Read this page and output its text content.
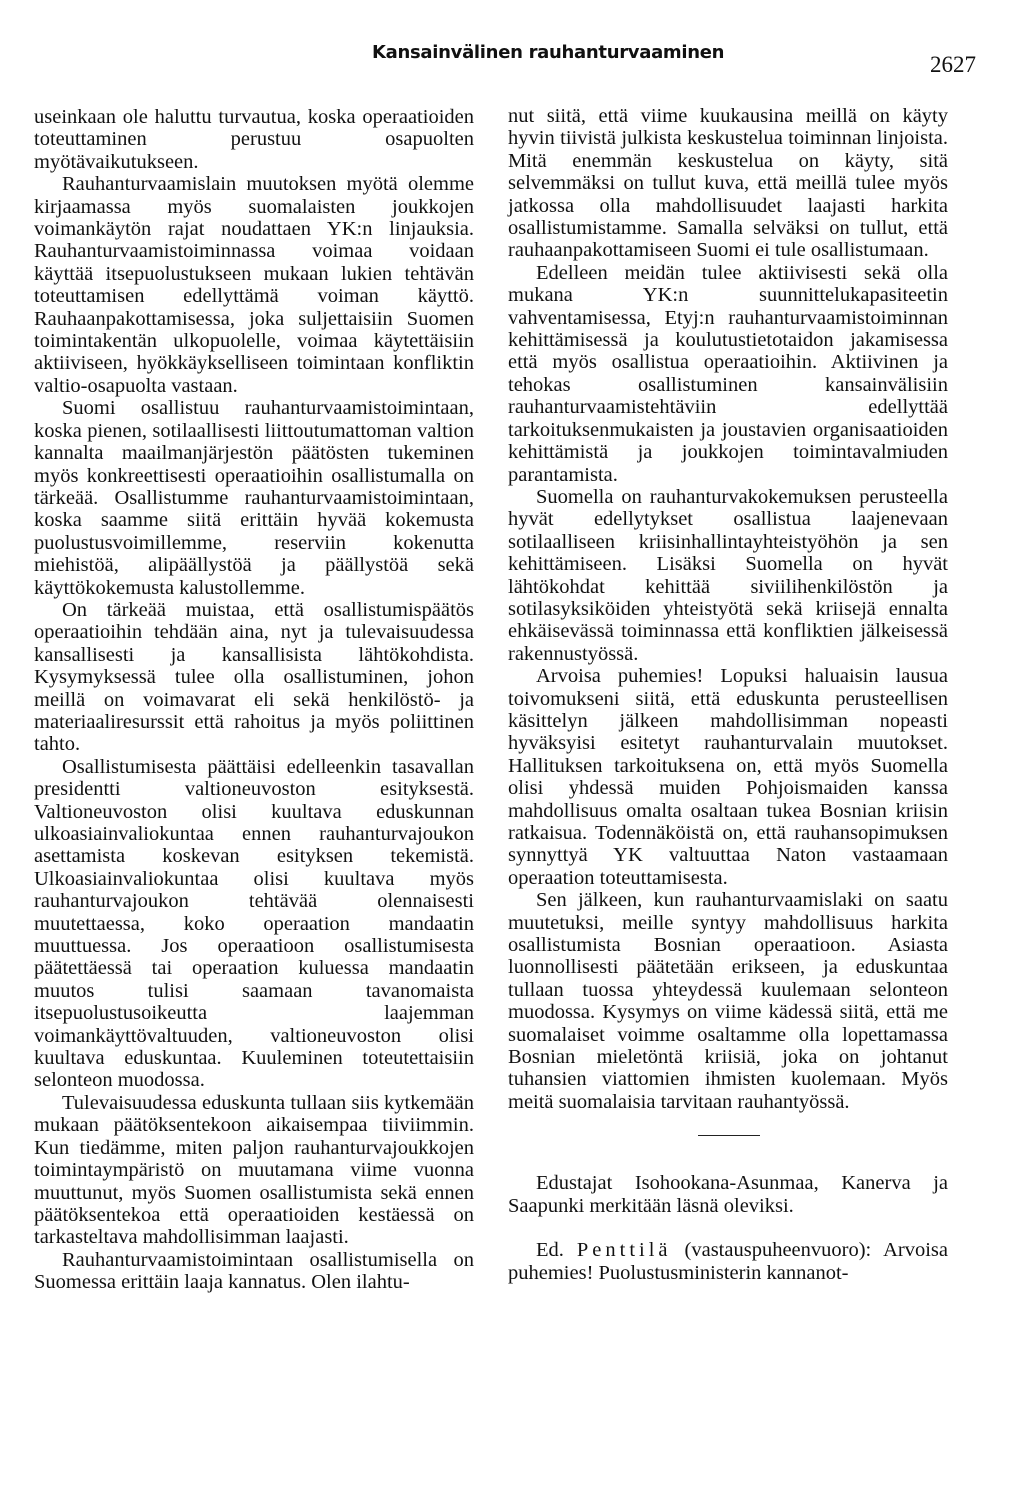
Kansainvälinen rauhanturvaaminen	2627

useinkaan ole haluttu turvautua, koska operaatioiden toteuttaminen perustuu osapuolten myötävaikutukseen.

Rauhanturvaamislain muutoksen myötä olemme kirjaamassa myös suomalaisten joukkojen voimankäytön rajat noudattaen YK:n linjauksia. Rauhanturvaamistoiminnassa voimaa voidaan käyttää itsepuolustukseen mukaan lukien tehtävän toteuttamisen edellyttämä voiman käyttö. Rauhaanpakottamisessa, joka suljettaisiin Suomen toimintakentän ulkopuolelle, voimaa käytettäisiin aktiiviseen, hyökkäykselliseen toimintaan konfliktin valtio-osapuolta vastaan.

Suomi osallistuu rauhanturvaamistoimintaan, koska pienen, sotilaallisesti liittoutumattoman valtion kannalta maailmanjärjestön päätösten tukeminen myös konkreettisesti operaatioihin osallistumalla on tärkeää. Osallistumme rauhanturvaamistoimintaan, koska saamme siitä erittäin hyvää kokemusta puolustusvoimillemme, reserviin kokenutta miehistöä, alipäällystöä ja päällystöä sekä käyttökokemusta kalustollemme.

On tärkeää muistaa, että osallistumispäätös operaatioihin tehdään aina, nyt ja tulevaisuudessa kansallisesti ja kansallisista lähtökohdista. Kysymyksessä tulee olla osallistuminen, johon meillä on voimavarat eli sekä henkilöstö- ja materiaaliresurssit että rahoitus ja myös poliittinen tahto.

Osallistumisesta päättäisi edelleenkin tasavallan presidentti valtioneuvoston esityksestä. Valtioneuvoston olisi kuultava eduskunnan ulkoasiainvaliokuntaa ennen rauhanturvajoukon asettamista koskevan esityksen tekemistä. Ulkoasiainvaliokuntaa olisi kuultava myös rauhanturvajoukon tehtävää olennaisesti muutettaessa, koko operaation mandaatin muuttuessa. Jos operaatioon osallistumisesta päätettäessä tai operaation kuluessa mandaatin muutos tulisi saamaan tavanomaista itsepuolustusoikeutta laajemman voimankäyttövaltuuden, valtioneuvoston olisi kuultava eduskuntaa. Kuuleminen toteutettaisiin selonteon muodossa.

Tulevaisuudessa eduskunta tullaan siis kytkemään mukaan päätöksentekoon aikaisempaa tiiviimmin. Kun tiedämme, miten paljon rauhanturvajoukkojen toimintaympäristö on muutamana viime vuonna muuttunut, myös Suomen osallistumista sekä ennen päätöksentekoa että operaatioiden kestäessä on tarkasteltava mahdollisimman laajasti.

Rauhanturvaamistoimintaan osallistumisella on Suomessa erittäin laaja kannatus. Olen ilahtu-

nut siitä, että viime kuukausina meillä on käyty hyvin tiivistä julkista keskustelua toiminnan linjoista. Mitä enemmän keskustelua on käyty, sitä selvemmäksi on tullut kuva, että meillä tulee myös jatkossa olla mahdollisuudet laajasti harkita osallistumistamme. Samalla selväksi on tullut, että rauhaanpakottamiseen Suomi ei tule osallistumaan.

Edelleen meidän tulee aktiivisesti sekä olla mukana YK:n suunnittelukapasiteetin vahventamisessa, Etyj:n rauhanturvaamistoiminnan kehittämisessä ja koulutustietotaidon jakamisessa että myös osallistua operaatioihin. Aktiivinen ja tehokas osallistuminen kansainvälisiin rauhanturvaamistehtäviin edellyttää tarkoituksenmukaisten ja joustavien organisaatioiden kehittämistä ja joukkojen toimintavalmiuden parantamista.

Suomella on rauhanturvakokemuksen perusteella hyvät edellytykset osallistua laajenevaan sotilaalliseen kriisinhallintayhteistyöhön ja sen kehittämiseen. Lisäksi Suomella on hyvät lähtökohdat kehittää siviilihenkilöstön ja sotilasyksiköiden yhteistyötä sekä kriisejä ennalta ehkäisevässä toiminnassa että konfliktien jälkeisessä rakennustyössä.

Arvoisa puhemies! Lopuksi haluaisin lausua toivomukseni siitä, että eduskunta perusteellisen käsittelyn jälkeen mahdollisimman nopeasti hyväksyisi esitetyt rauhanturvalain muutokset. Hallituksen tarkoituksena on, että myös Suomella olisi yhdessä muiden Pohjoismaiden kanssa mahdollisuus omalta osaltaan tukea Bosnian kriisin ratkaisua. Todennäköistä on, että rauhansopimuksen synnyttyä YK valtuuttaa Naton vastaamaan operaation toteuttamisesta.

Sen jälkeen, kun rauhanturvaamislaki on saatu muutetuksi, meille syntyy mahdollisuus harkita osallistumista Bosnian operaatioon. Asiasta luonnollisesti päätetään erikseen, ja eduskuntaa tullaan tuossa yhteydessä kuulemaan selonteon muodossa. Kysymys on viime kädessä siitä, että me suomalaiset voimme osaltamme olla lopettamassa Bosnian mieletöntä kriisiä, joka on johtanut tuhansien viattomien ihmisten kuolemaan. Myös meitä suomalaisia tarvitaan rauhantyössä.

Edustajat Isohookana-Asunmaa, Kanerva ja Saapunki merkitään läsnä oleviksi.

Ed. Penttilä (vastauspuheenvuoro): Arvoisa puhemies! Puolustusministerin kannanot-
